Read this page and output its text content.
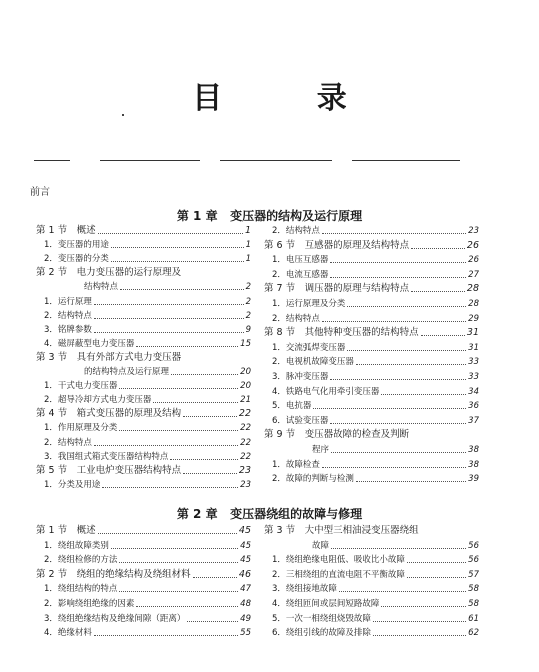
目 录
前言
第 1 章 变压器的结构及运行原理
第 1 节　概述	1
1．变压器的用途	1
2．变压器的分类	1
第 2 节　电力变压器的运行原理及
结构特点	2
1．运行原理	2
2．结构特点	2
3．铭牌参数	9
4．磁屏蔽型电力变压器	15
第 3 节　具有外部方式电力变压器
的结构特点及运行原理	20
1．干式电力变压器	20
2．超导冷却方式电力变压器	21
第 4 节　箱式变压器的原理及结构	22
1．作用原理及分类	22
2．结构特点	22
3．我国组式箱式变压器结构特点	22
第 5 节　工业电炉变压器结构特点	23
1．分类及用途	23
2．结构特点	23
第 6 节　互感器的原理及结构特点	26
1．电压互感器	26
2．电流互感器	27
第 7 节　调压器的原理与结构特点	28
1．运行原理及分类	28
2．结构特点	29
第 8 节　其他特种变压器的结构特点	31
1．交流弧焊变压器	31
2．电视机故障变压器	33
3．脉冲变压器	33
4．铁路电气化用牵引变压器	34
5．电抗器	36
6．试验变压器	37
第 9 节　变压器故障的检查及判断
程序	38
1．故障检查	38
2．故障的判断与检测	39
第 2 章 变压器绕组的故障与修理
第 1 节　概述	45
1．绕组故障类别	45
2．绕组检修的方法	45
第 2 节　绕组的绝缘结构及绕组材料	46
1．绕组结构的特点	47
2．影响绕组绝缘的因素	48
3．绕组绝缘结构及绝缘间隙（距离）	49
4．绝缘材料	55
第 3 节　大中型三相油浸变压器绕组
故障	56
1．绕组绝缘电阻低、吸收比小故障	56
2．三相绕组的直流电阻不平衡故障	57
3．绕组接地故障	58
4．绕组匝间或层间短路故障	58
5．一次一相绕组烧毁故障	61
6．绕组引线的故障及排除	62
